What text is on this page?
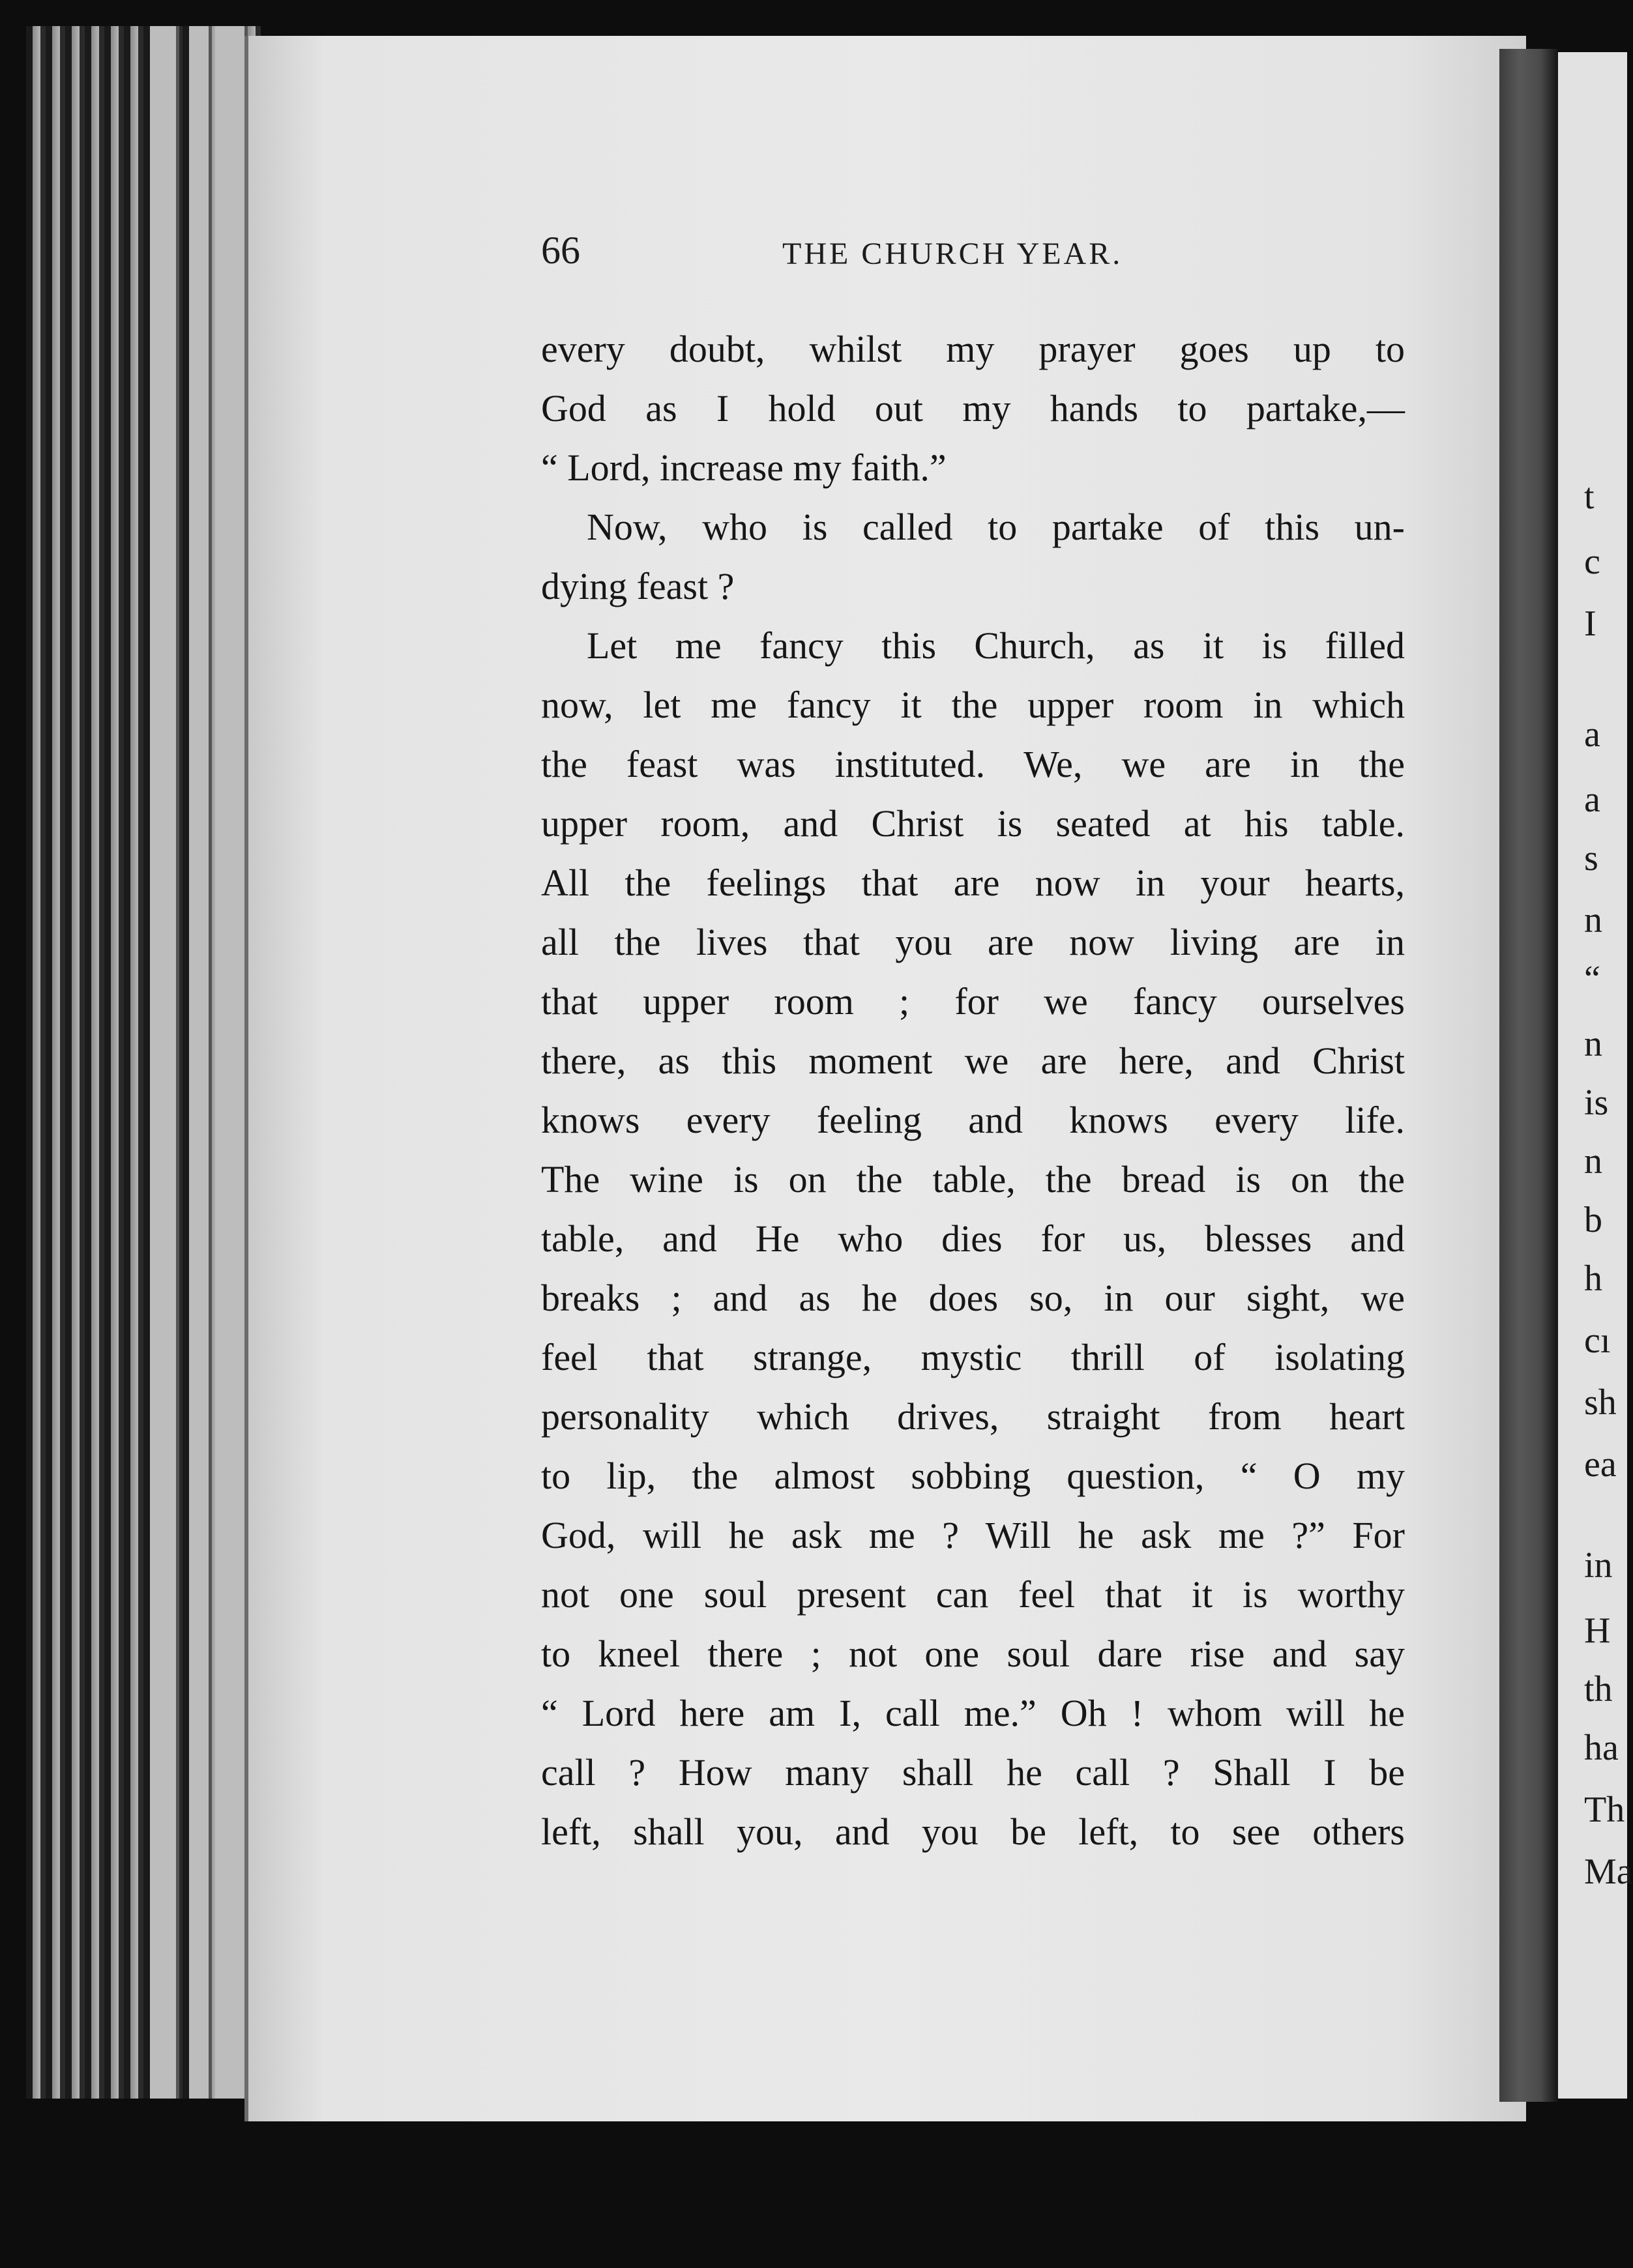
t
c
I
a
a
s
n
“
n
is
n
b
h
cı
sh
ea
in
H
th
ha
Th
Ma
66	THE CHURCH YEAR.
every doubt, whilst my prayer goes up to
God as I hold out my hands to partake,—
“ Lord, increase my faith.”
Now, who is called to partake of this un-
dying feast ?
Let me fancy this Church, as it is filled
now, let me fancy it the upper room in which
the feast was instituted. We, we are in the
upper room, and Christ is seated at his table.
All the feelings that are now in your hearts,
all the lives that you are now living are in
that upper room ; for we fancy ourselves
there, as this moment we are here, and Christ
knows every feeling and knows every life.
The wine is on the table, the bread is on the
table, and He who dies for us, blesses and
breaks ; and as he does so, in our sight, we
feel that strange, mystic thrill of isolating
personality which drives, straight from heart
to lip, the almost sobbing question, “ O my
God, will he ask me ? Will he ask me ?” For
not one soul present can feel that it is worthy
to kneel there ; not one soul dare rise and say
“ Lord here am I, call me.” Oh ! whom will he
call ? How many shall he call ? Shall I be
left, shall you, and you be left, to see others
